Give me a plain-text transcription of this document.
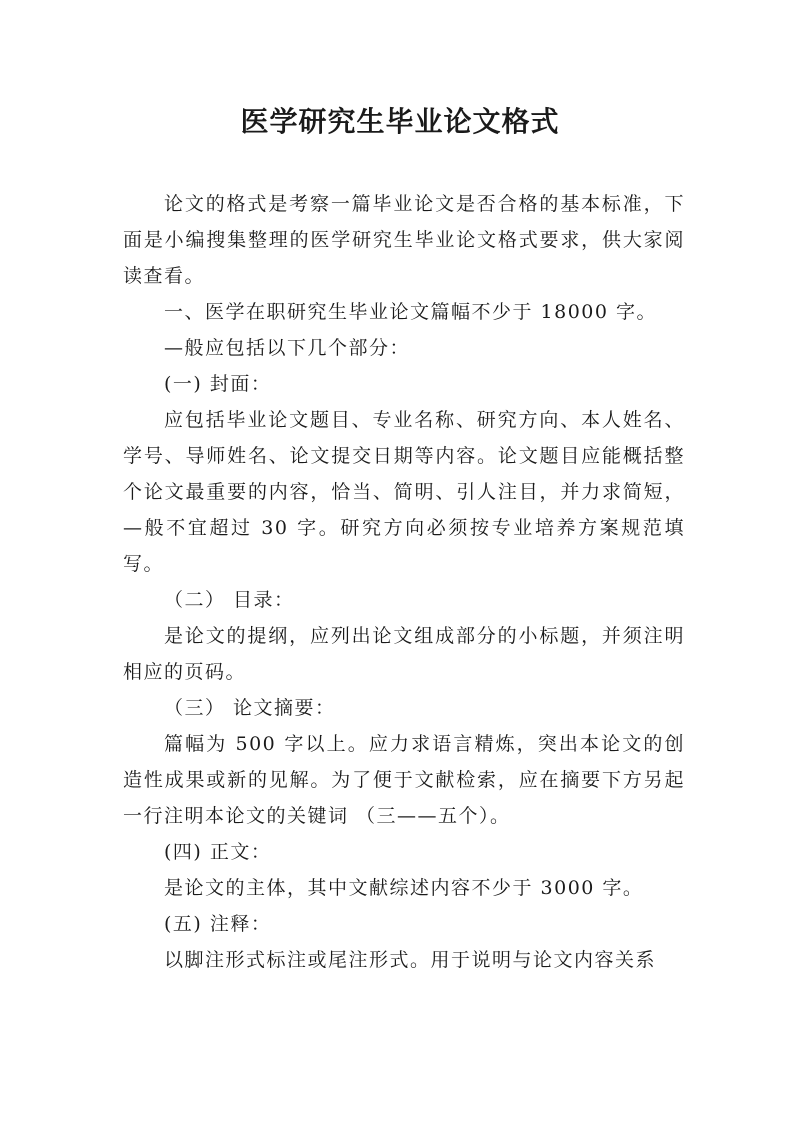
医学研究生毕业论文格式

论文的格式是考察一篇毕业论文是否合格的基本标准，下面是小编搜集整理的医学研究生毕业论文格式要求，供大家阅读查看。

一、医学在职研究生毕业论文篇幅不少于 18000 字。

—般应包括以下几个部分：

(一) 封面：

应包括毕业论文题目、专业名称、研究方向、本人姓名、学号、导师姓名、论文提交日期等内容。论文题目应能概括整个论文最重要的内容，恰当、简明、引人注目，并力求简短，—般不宜超过 30 字。研究方向必须按专业培养方案规范填写。

（二） 目录：

是论文的提纲，应列出论文组成部分的小标题，并须注明相应的页码。

（三） 论文摘要：

篇幅为 500 字以上。应力求语言精炼，突出本论文的创造性成果或新的见解。为了便于文献检索，应在摘要下方另起一行注明本论文的关键词 （三——五个）。

(四) 正文：

是论文的主体，其中文献综述内容不少于 3000 字。

(五) 注释：

以脚注形式标注或尾注形式。用于说明与论文内容关系
